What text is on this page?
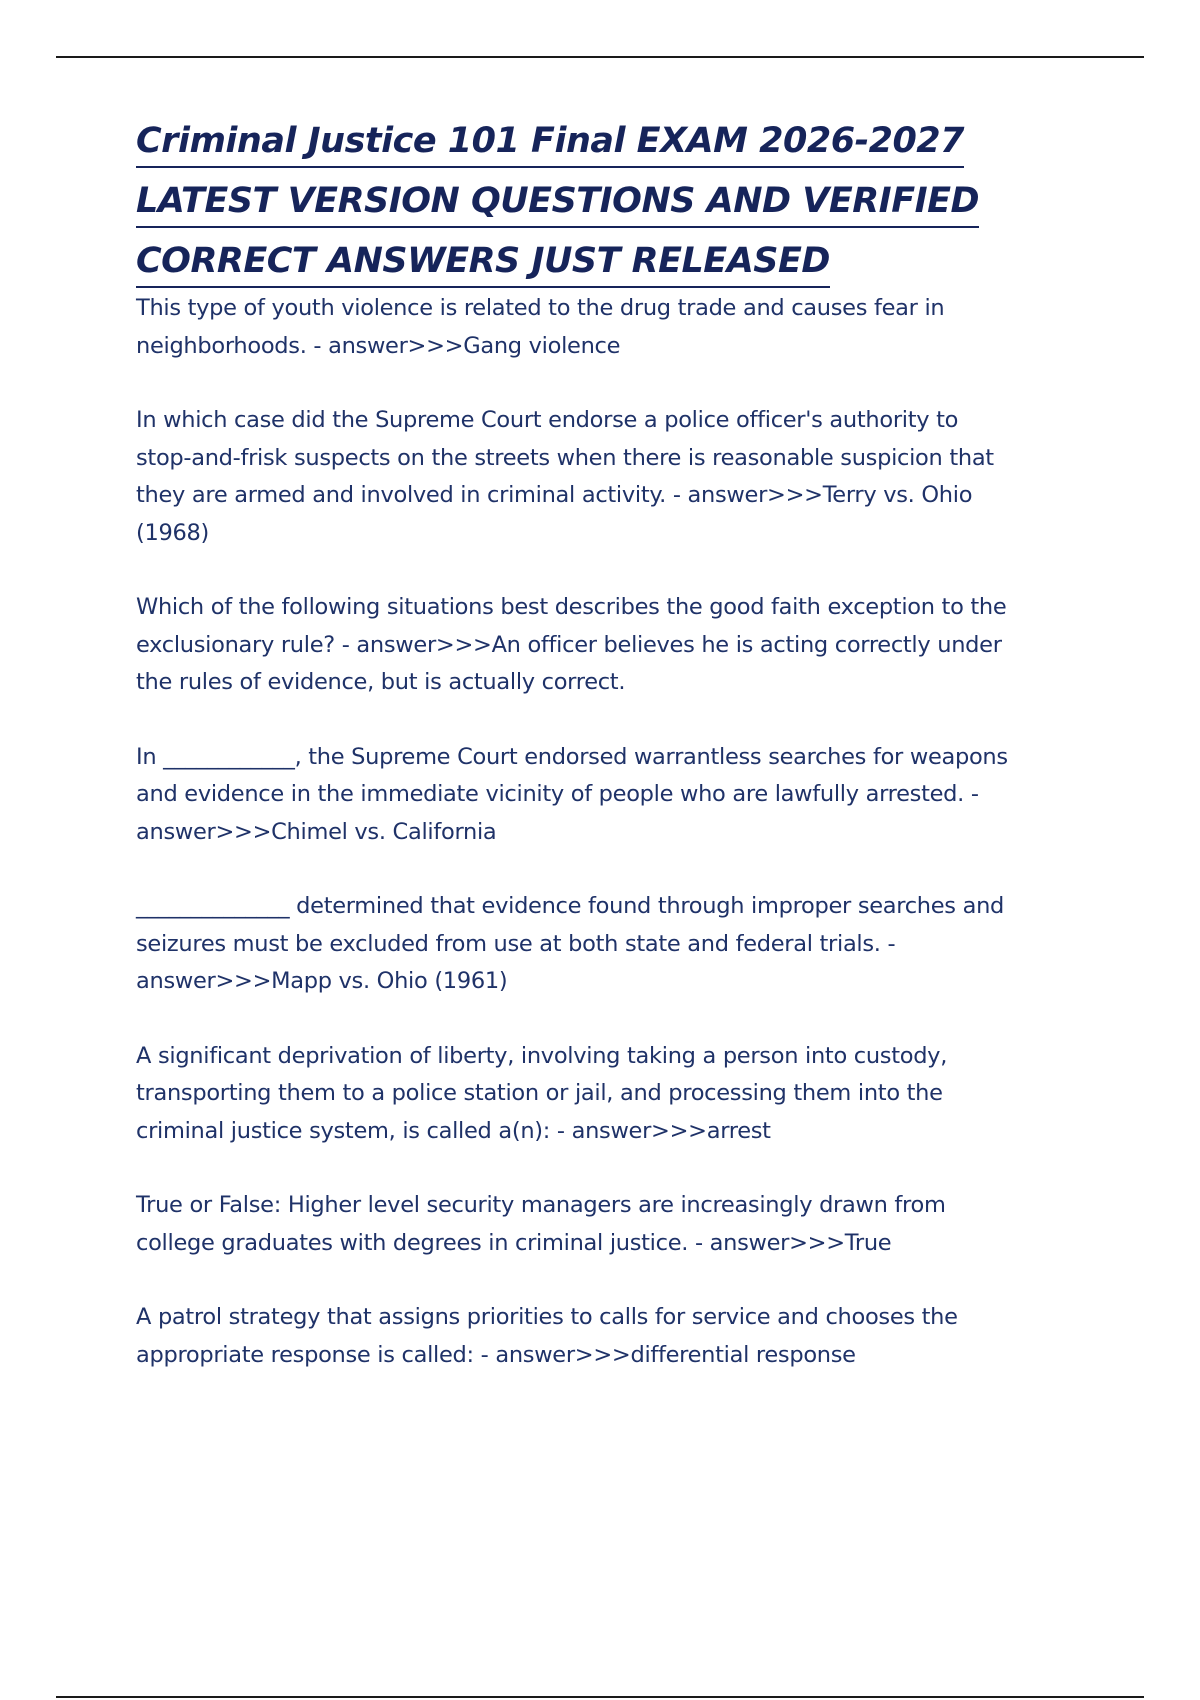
Criminal Justice 101 Final EXAM 2026-2027
LATEST VERSION QUESTIONS AND VERIFIED
CORRECT ANSWERS JUST RELEASED
This type of youth violence is related to the drug trade and causes fear in neighborhoods. - answer>>>Gang violence
In which case did the Supreme Court endorse a police officer's authority to stop-and-frisk suspects on the streets when there is reasonable suspicion that they are armed and involved in criminal activity. - answer>>>Terry vs. Ohio (1968)
Which of the following situations best describes the good faith exception to the exclusionary rule? - answer>>>An officer believes he is acting correctly under the rules of evidence, but is actually correct.
In ____________, the Supreme Court endorsed warrantless searches for weapons and evidence in the immediate vicinity of people who are lawfully arrested. - answer>>>Chimel vs. California
______________ determined that evidence found through improper searches and seizures must be excluded from use at both state and federal trials. - answer>>>Mapp vs. Ohio (1961)
A significant deprivation of liberty, involving taking a person into custody, transporting them to a police station or jail, and processing them into the criminal justice system, is called a(n): - answer>>>arrest
True or False: Higher level security managers are increasingly drawn from college graduates with degrees in criminal justice. - answer>>>True
A patrol strategy that assigns priorities to calls for service and chooses the appropriate response is called: - answer>>>differential response
